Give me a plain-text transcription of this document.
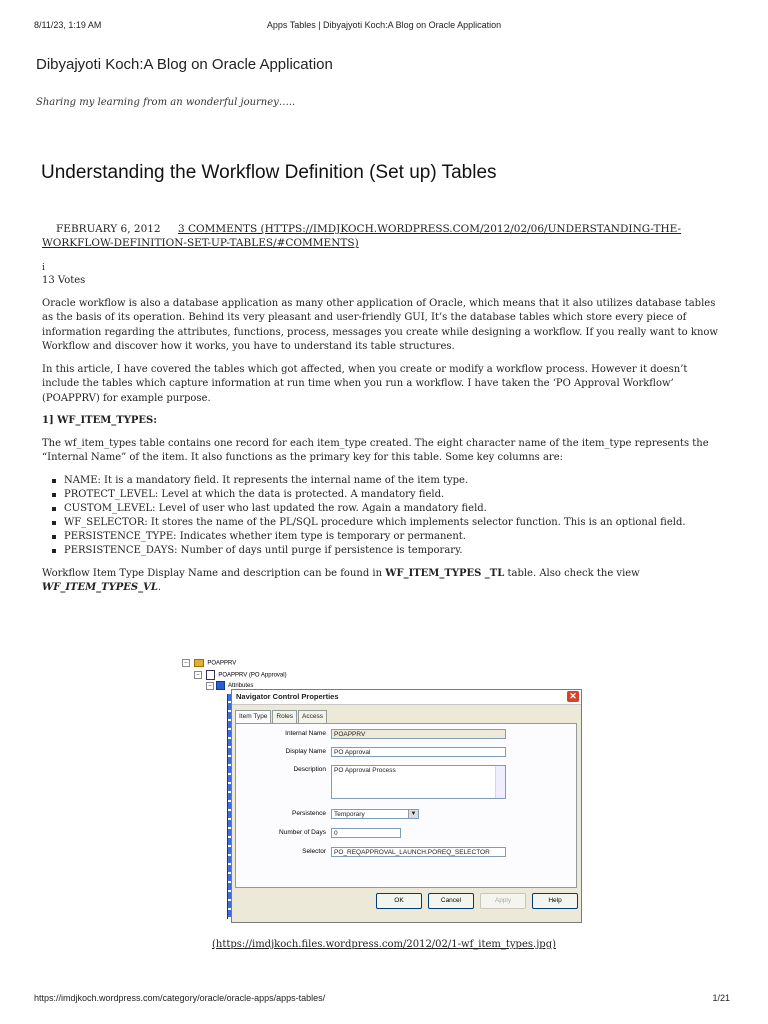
8/11/23, 1:19 AM	Apps Tables | Dibyajyoti Koch:A Blog on Oracle Application
Dibyajyoti Koch:A Blog on Oracle Application
Sharing my learning from an wonderful journey…..
Understanding the Workflow Definition (Set up) Tables
FEBRUARY 6, 2012 3 COMMENTS (HTTPS://IMDJKOCH.WORDPRESS.COM/2012/02/06/UNDERSTANDING-THE-WORKFLOW-DEFINITION-SET-UP-TABLES/#COMMENTS)
i
13 Votes

Oracle workflow is also a database application as many other application of Oracle, which means that it also utilizes database tables as the basis of its operation. Behind its very pleasant and user-friendly GUI, It’s the database tables which store every piece of information regarding the attributes, functions, process, messages you create while designing a workflow. If you really want to know Workflow and discover how it works, you have to understand its table structures.

In this article, I have covered the tables which got affected, when you create or modify a workflow process. However it doesn’t include the tables which capture information at run time when you run a workflow. I have taken the ‘PO Approval Workflow’ (POAPPRV) for example purpose.

1] WF_ITEM_TYPES:

The wf_item_types table contains one record for each item_type created. The eight character name of the item_type represents the “Internal Name” of the item. It also functions as the primary key for this table. Some key columns are:

NAME: It is a mandatory field. It represents the internal name of the item type.
PROTECT_LEVEL: Level at which the data is protected. A mandatory field.
CUSTOM_LEVEL: Level of user who last updated the row. Again a mandatory field.
WF_SELECTOR: It stores the name of the PL/SQL procedure which implements selector function. This is an optional field.
PERSISTENCE_TYPE: Indicates whether item type is temporary or permanent.
PERSISTENCE_DAYS: Number of days until purge if persistence is temporary.

Workflow Item Type Display Name and description can be found in WF_ITEM_TYPES _TL table. Also check the view WF_ITEM_TYPES_VL.

–	POAPPRV
–	POAPPRV (PO Approval)
–	Attributes
Navigator Control Properties	✕
Item Type Roles Access
Internal Name	POAPPRV
Display Name	PO Approval
Description	PO Approval Process
Persistence	Temporary	▼
Number of Days	0
Selector	PO_REQAPPROVAL_LAUNCH.POREQ_SELECTOR
OK	Cancel	Apply	Help
(https://imdjkoch.files.wordpress.com/2012/02/1-wf_item_types.jpg)
https://imdjkoch.wordpress.com/category/oracle/oracle-apps/apps-tables/	1/21
